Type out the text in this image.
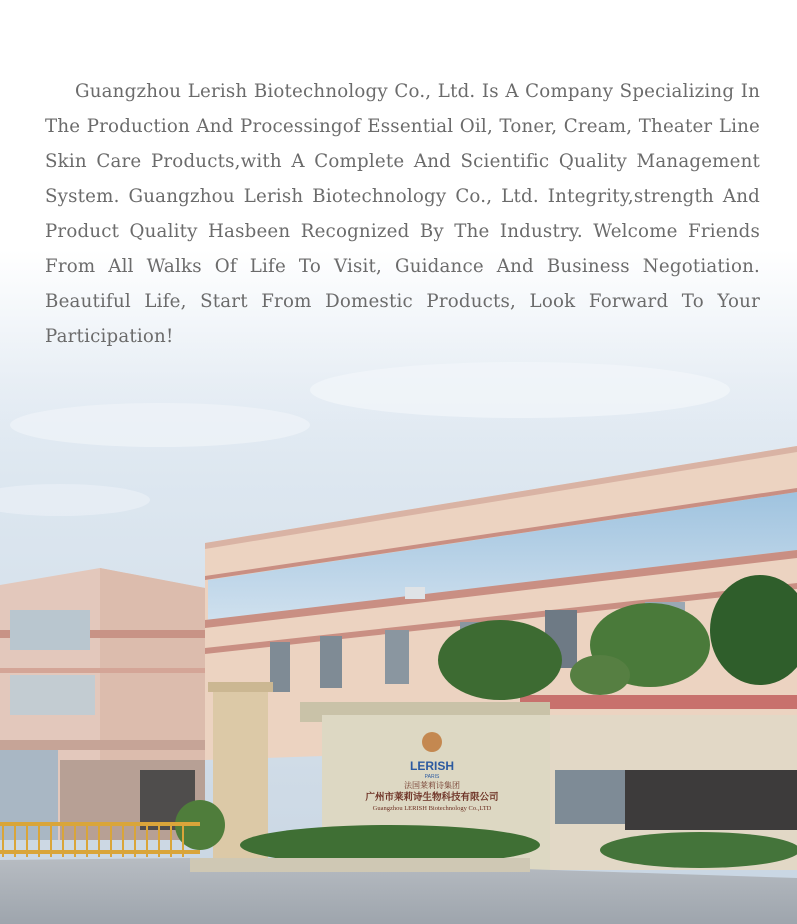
Guangzhou Lerish Biotechnology Co., Ltd. Is A Company Specializing In The Production And Processingof Essential Oil, Toner, Cream, Theater Line Skin Care Products,with A Complete And Scientific Quality Management System. Guangzhou Lerish Biotechnology Co., Ltd. Integrity,strength And Product Quality Hasbeen Recognized By The Industry. Welcome Friends From All Walks Of Life To Visit, Guidance And Business Negotiation. Beautiful Life, Start From Domestic Products, Look Forward To Your Participation!

LERISH
PARIS
法国莱莉诗集团
广州市莱莉诗生物科技有限公司
Guangzhou LERISH Biotechnology Co.,LTD
